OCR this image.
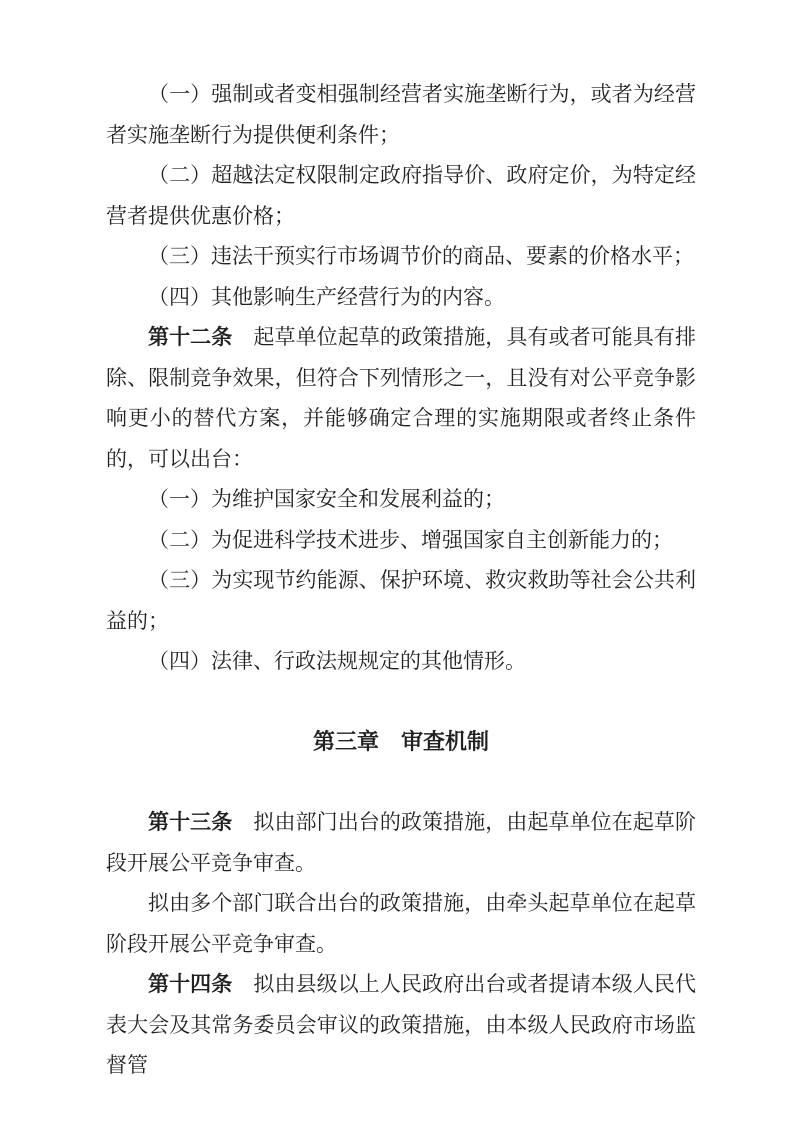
（一）强制或者变相强制经营者实施垄断行为，或者为经营者实施垄断行为提供便利条件；

（二）超越法定权限制定政府指导价、政府定价，为特定经营者提供优惠价格；

（三）违法干预实行市场调节价的商品、要素的价格水平；

（四）其他影响生产经营行为的内容。

第十二条　起草单位起草的政策措施，具有或者可能具有排除、限制竞争效果，但符合下列情形之一，且没有对公平竞争影响更小的替代方案，并能够确定合理的实施期限或者终止条件的，可以出台：

（一）为维护国家安全和发展利益的；

（二）为促进科学技术进步、增强国家自主创新能力的；

（三）为实现节约能源、保护环境、救灾救助等社会公共利益的；

（四）法律、行政法规规定的其他情形。

第三章　审查机制

第十三条　拟由部门出台的政策措施，由起草单位在起草阶段开展公平竞争审查。

拟由多个部门联合出台的政策措施，由牵头起草单位在起草阶段开展公平竞争审查。

第十四条　拟由县级以上人民政府出台或者提请本级人民代表大会及其常务委员会审议的政策措施，由本级人民政府市场监督管
